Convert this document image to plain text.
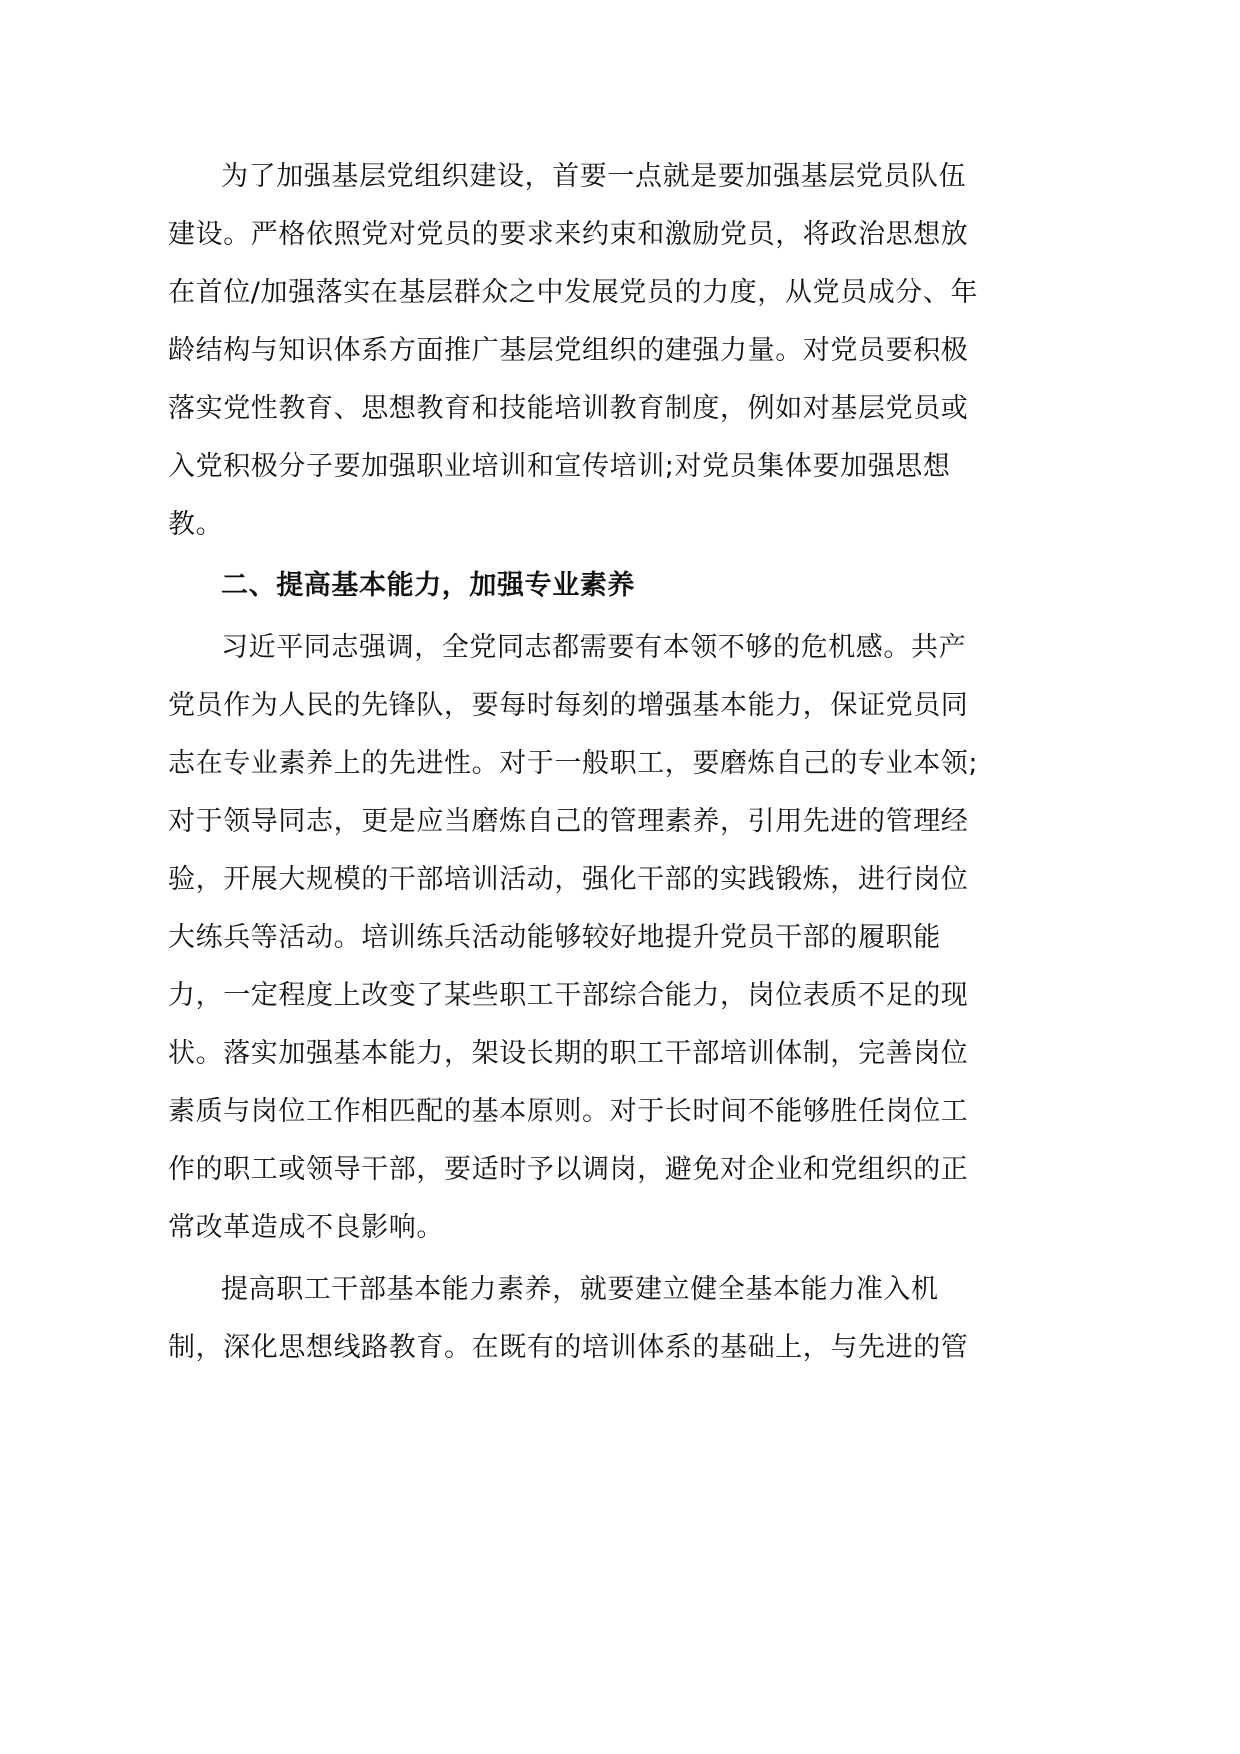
为了加强基层党组织建设，首要一点就是要加强基层党员队伍
建设。严格依照党对党员的要求来约束和激励党员，将政治思想放
在首位/加强落实在基层群众之中发展党员的力度，从党员成分、年
龄结构与知识体系方面推广基层党组织的建强力量。对党员要积极
落实党性教育、思想教育和技能培训教育制度，例如对基层党员或
入党积极分子要加强职业培训和宣传培训;对党员集体要加强思想
教。
二、提高基本能力，加强专业素养
习近平同志强调，全党同志都需要有本领不够的危机感。共产
党员作为人民的先锋队，要每时每刻的增强基本能力，保证党员同
志在专业素养上的先进性。对于一般职工，要磨炼自己的专业本领;
对于领导同志，更是应当磨炼自己的管理素养，引用先进的管理经
验，开展大规模的干部培训活动，强化干部的实践锻炼，进行岗位
大练兵等活动。培训练兵活动能够较好地提升党员干部的履职能
力，一定程度上改变了某些职工干部综合能力，岗位表质不足的现
状。落实加强基本能力，架设长期的职工干部培训体制，完善岗位
素质与岗位工作相匹配的基本原则。对于长时间不能够胜任岗位工
作的职工或领导干部，要适时予以调岗，避免对企业和党组织的正
常改革造成不良影响。
提高职工干部基本能力素养，就要建立健全基本能力准入机
制，深化思想线路教育。在既有的培训体系的基础上，与先进的管
